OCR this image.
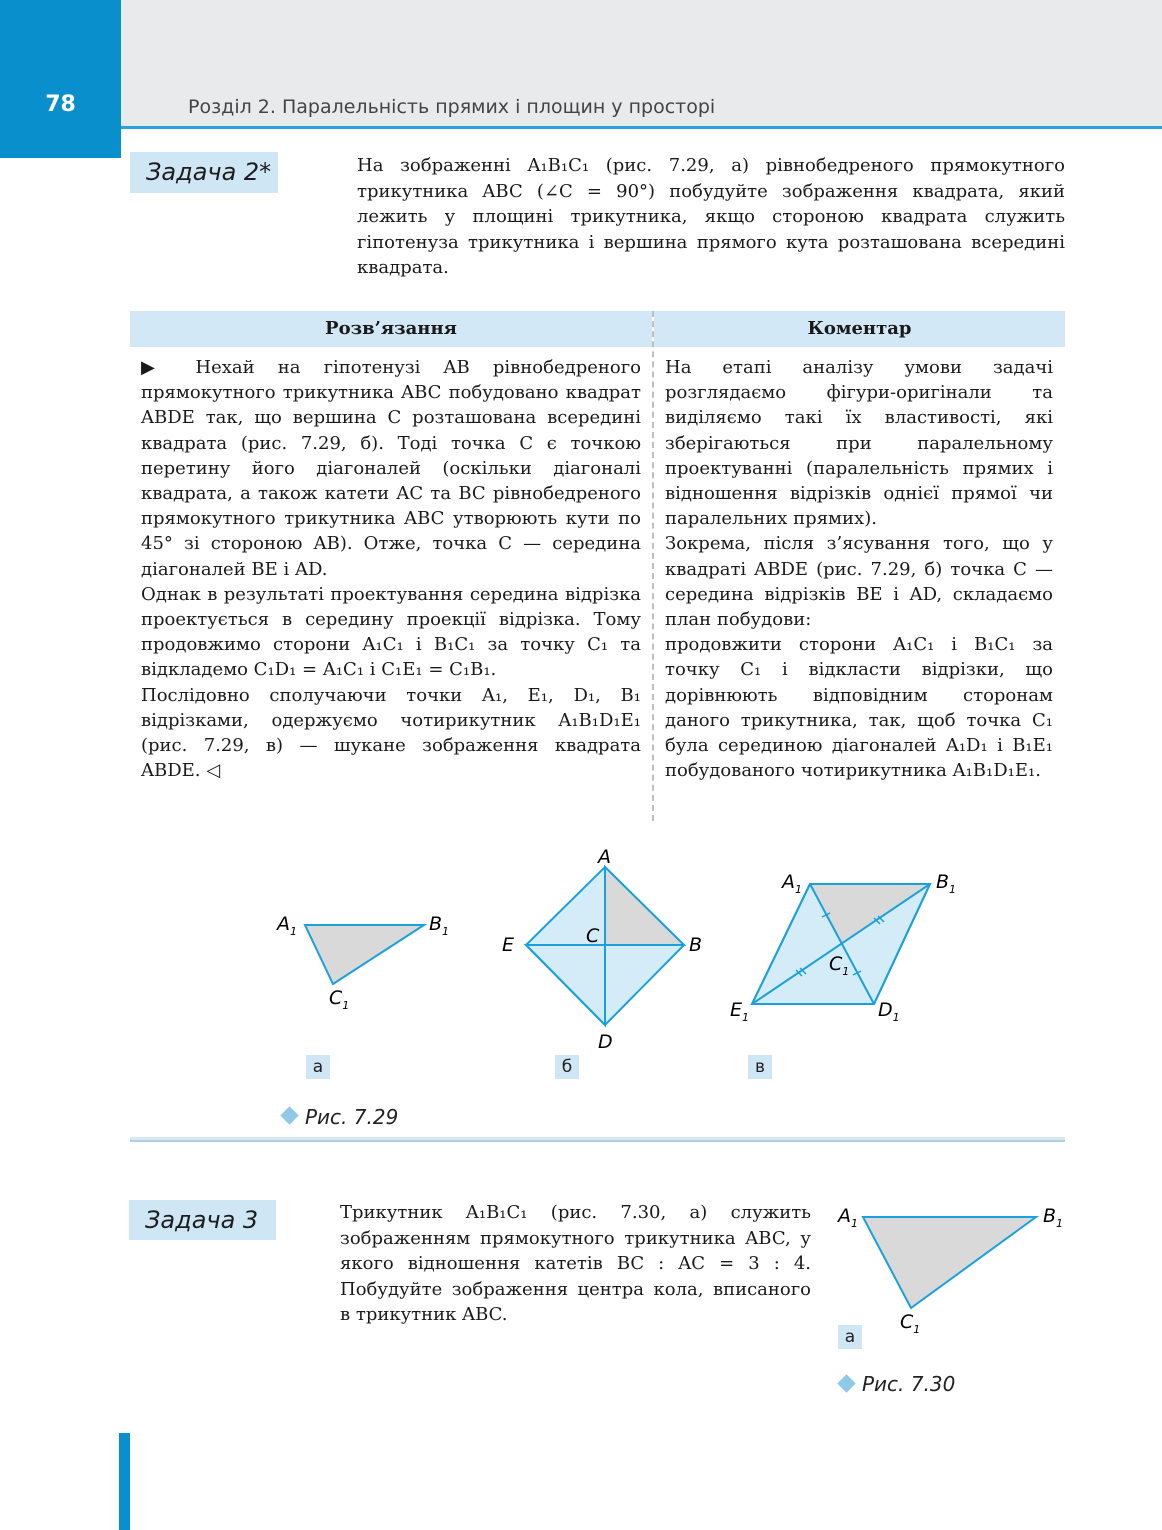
78	Розділ 2. Паралельність прямих і площин у просторі
Задача 2*	На зображенні A₁B₁C₁ (рис. 7.29, а) рівнобедреного прямокутного трикутника ABC (∠C = 90°) побудуйте зображення квадрата, який лежить у площині трикутника, якщо стороною квадрата служить гіпотенуза трикутника і вершина прямого кута розташована всередині квадрата.
Розв’язання	Коментар

▶ Нехай на гіпотенузі AB рівнобедреного прямокутного трикутника ABC побудовано квадрат ABDE так, що вершина C розташована всередині квадрата (рис. 7.29, б). Тоді точка C є точкою перетину його діагоналей (оскільки діагоналі квадрата, а також катети AC та BC рівнобедреного прямокутного трикутника ABC утворюють кути по 45° зі стороною AB). Отже, точка C — середина діагоналей BE і AD.

Однак в результаті проектування середина відрізка проектується в середину проекції відрізка. Тому продовжимо сторони A₁C₁ і B₁C₁ за точку C₁ та відкладемо C₁D₁ = A₁C₁ і C₁E₁ = C₁B₁.

Послідовно сполучаючи точки A₁, E₁, D₁, B₁ відрізками, одержуємо чотирикутник A₁B₁D₁E₁ (рис. 7.29, в) — шукане зображення квадрата ABDE. ◁

На етапі аналізу умови задачі розглядаємо фігури-оригінали та виділяємо такі їх властивості, які зберігаються при паралельному проектуванні (паралельність прямих і відношення відрізків однієї прямої чи паралельних прямих).

Зокрема, після з’ясування того, що у квадраті ABDE (рис. 7.29, б) точка C — середина відрізків BE і AD, складаємо план побудови:

продовжити сторони A₁C₁ і B₁C₁ за точку C₁ і відкласти відрізки, що дорівнюють відповідним сторонам даного трикутника, так, щоб точка C₁ була серединою діагоналей A₁D₁ і B₁E₁ побудованого чотирикутника A₁B₁D₁E₁.

$A_1$	$B_1$
$C_1$
A
B
C
D
E
$A_1$	$B_1$
$C_1$
$D_1$
$E_1$
$A_1$	$B_1$
$C_1$
а	б	в
Рис. 7.29
Задача 3	Трикутник A₁B₁C₁ (рис. 7.30, а) служить зображенням прямокутного трикутника ABC, у якого відношення катетів BC : AC = 3 : 4. Побудуйте зображення центра кола, вписаного в трикутник ABC.
а
Рис. 7.30
